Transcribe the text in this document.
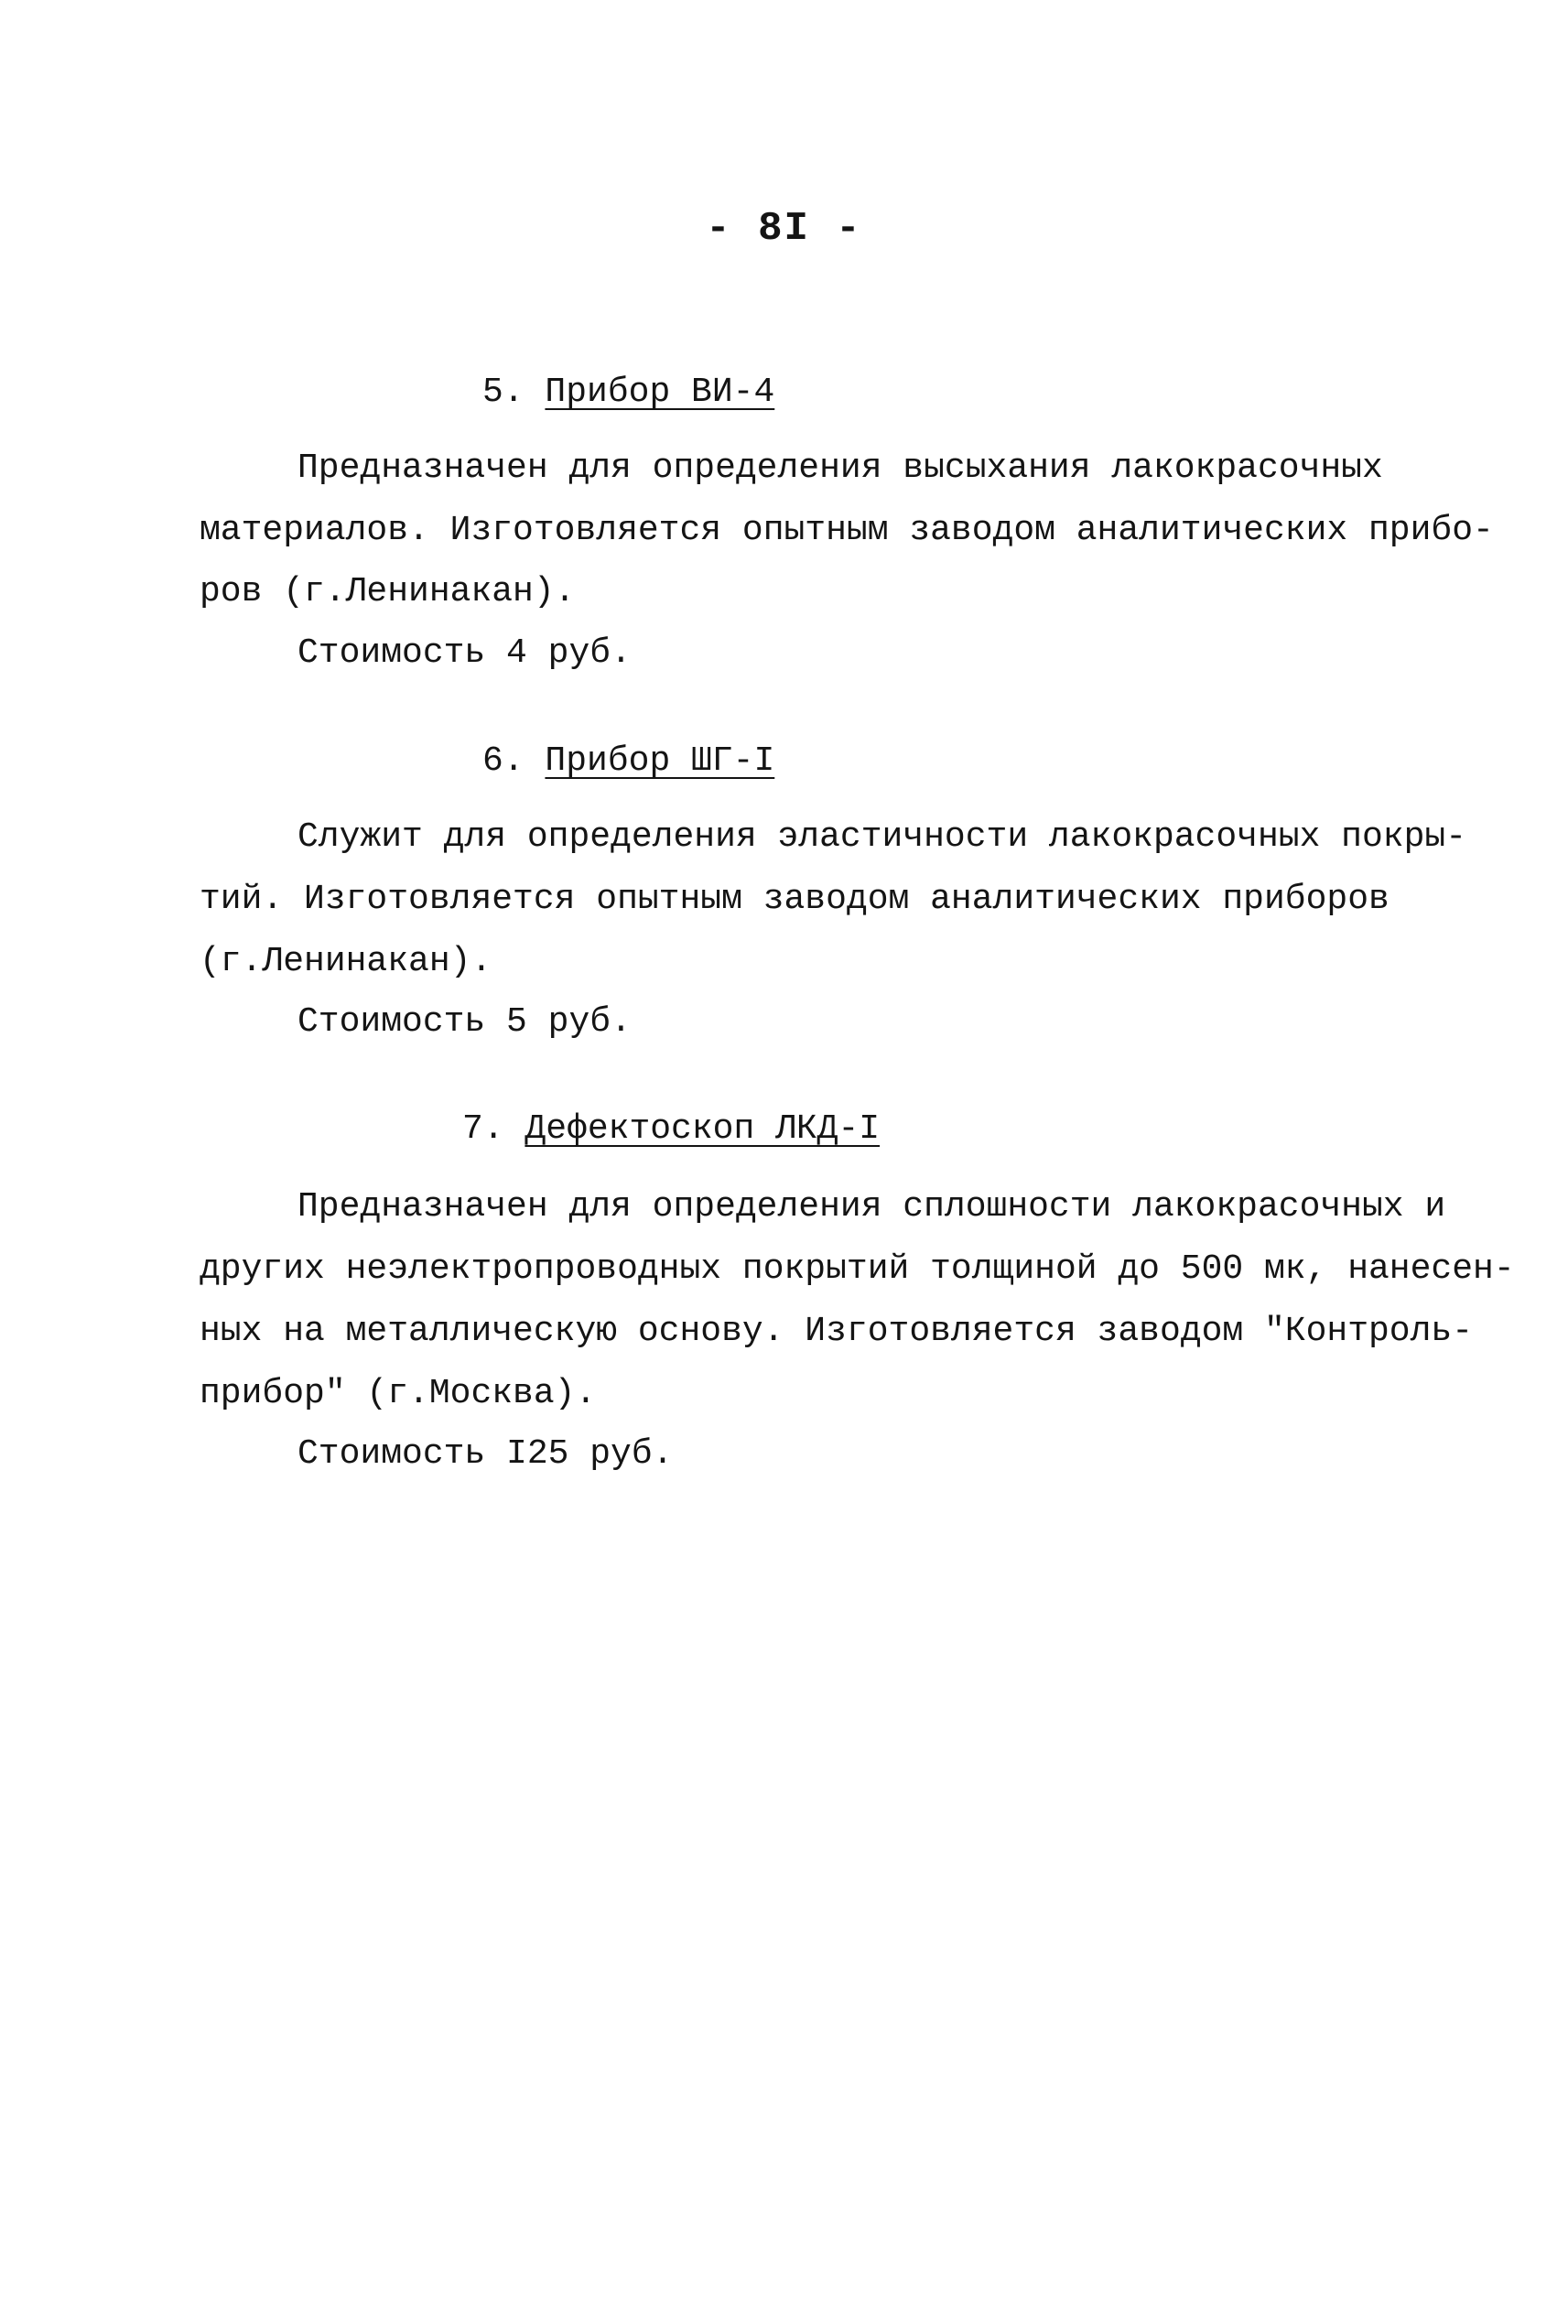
- 8I -
5. Прибор ВИ-4
Предназначен для определения высыхания лакокрасочных
материалов. Изготовляется опытным заводом аналитических прибо-
ров (г.Ленинакан).
Стоимость 4 руб.
6. Прибор ШГ-I
Служит для определения эластичности лакокрасочных покры-
тий. Изготовляется опытным заводом аналитических приборов
(г.Ленинакан).
Стоимость 5 руб.
7. Дефектоскоп ЛКД-I
Предназначен для определения сплошности лакокрасочных и
других неэлектропроводных покрытий толщиной до 500 мк, нанесен-
ных на металлическую основу. Изготовляется заводом "Контроль-
прибор" (г.Москва).
Стоимость I25 руб.
